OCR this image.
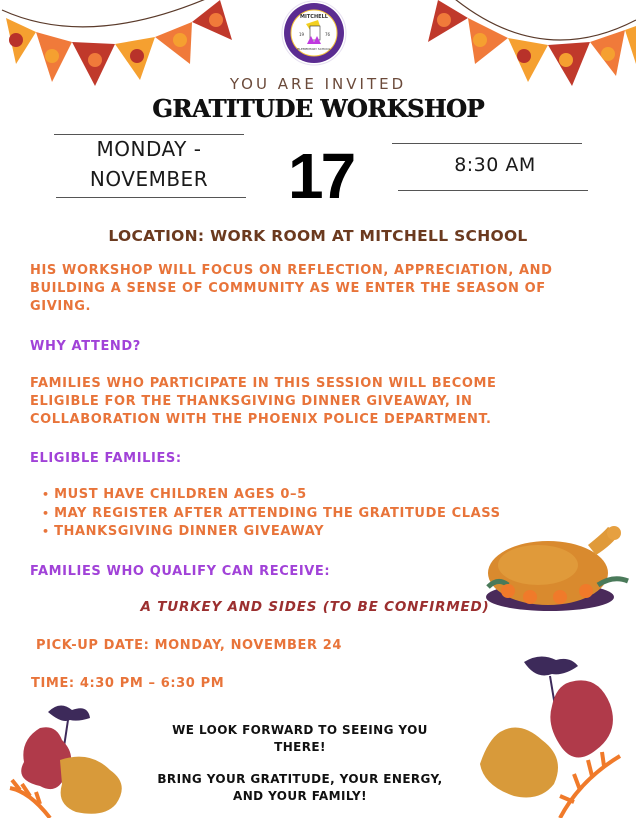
MITCHELL
19	76
ELEMENTARY SCHOOL
YOU ARE INVITED
GRATITUDE WORKSHOP
MONDAY -
NOVEMBER	17	8:30 AM
LOCATION: WORK ROOM AT MITCHELL SCHOOL
HIS WORKSHOP WILL FOCUS ON REFLECTION, APPRECIATION, AND BUILDING A SENSE OF COMMUNITY AS WE ENTER THE SEASON OF GIVING.
WHY ATTEND?
FAMILIES WHO PARTICIPATE IN THIS SESSION WILL BECOME ELIGIBLE FOR THE THANKSGIVING DINNER GIVEAWAY, IN COLLABORATION WITH THE PHOENIX POLICE DEPARTMENT.
ELIGIBLE FAMILIES:
• MUST HAVE CHILDREN AGES 0–5
• MAY REGISTER AFTER ATTENDING THE GRATITUDE CLASS
• THANKSGIVING DINNER GIVEAWAY
FAMILIES WHO QUALIFY CAN RECEIVE:
A TURKEY AND SIDES (TO BE CONFIRMED)
PICK-UP DATE: MONDAY, NOVEMBER 24
TIME: 4:30 PM – 6:30 PM
WE LOOK FORWARD TO SEEING YOU THERE!
BRING YOUR GRATITUDE, YOUR ENERGY, AND YOUR FAMILY!
